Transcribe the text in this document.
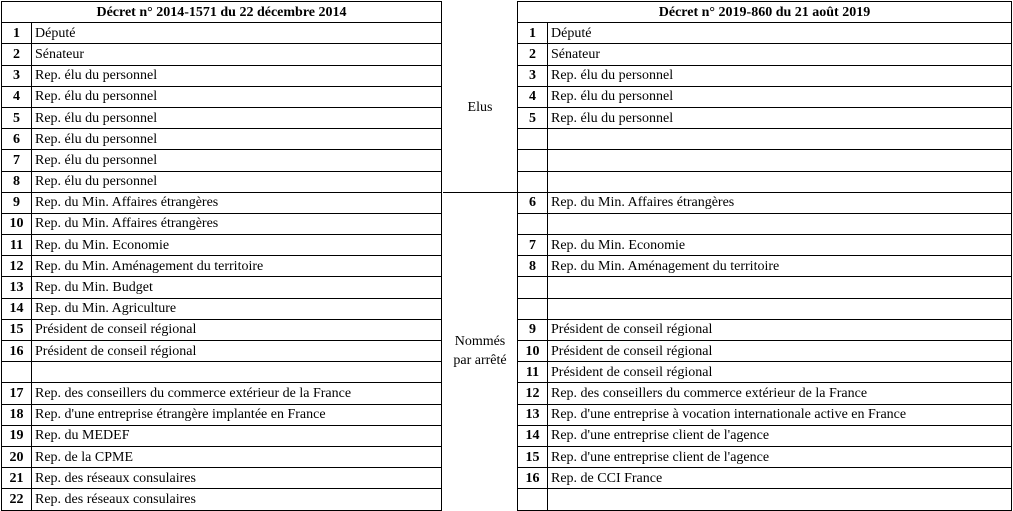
Décret n° 2014-1571 du 22 décembre 2014	
1	Député
2	Sénateur
3	Rep. élu du personnel
4	Rep. élu du personnel
5	Rep. élu du personnel
6	Rep. élu du personnel
7	Rep. élu du personnel
8	Rep. élu du personnel
9	Rep. du Min. Affaires étrangères
10	Rep. du Min. Affaires étrangères
11	Rep. du Min. Economie
12	Rep. du Min. Aménagement du territoire
13	Rep. du Min. Budget
14	Rep. du Min. Agriculture
15	Président de conseil régional
16	Président de conseil régional

17	Rep. des conseillers du commerce extérieur de la France
18	Rep. d'une entreprise étrangère implantée en France
19	Rep. du MEDEF
20	Rep. de la CPME
21	Rep. des réseaux consulaires
22	Rep. des réseaux consulaires
Elus
Nommés
par arrêté
Décret n° 2019-860 du 21 août 2019	
1	Député
2	Sénateur
3	Rep. élu du personnel
4	Rep. élu du personnel
5	Rep. élu du personnel

6	Rep. du Min. Affaires étrangères

7	Rep. du Min. Economie
8	Rep. du Min. Aménagement du territoire

9	Président de conseil régional
10	Président de conseil régional
11	Président de conseil régional
12	Rep. des conseillers du commerce extérieur de la France
13	Rep. d'une entreprise à vocation internationale active en France
14	Rep. d'une entreprise client de l'agence
15	Rep. d'une entreprise client de l'agence
16	Rep. de CCI France
